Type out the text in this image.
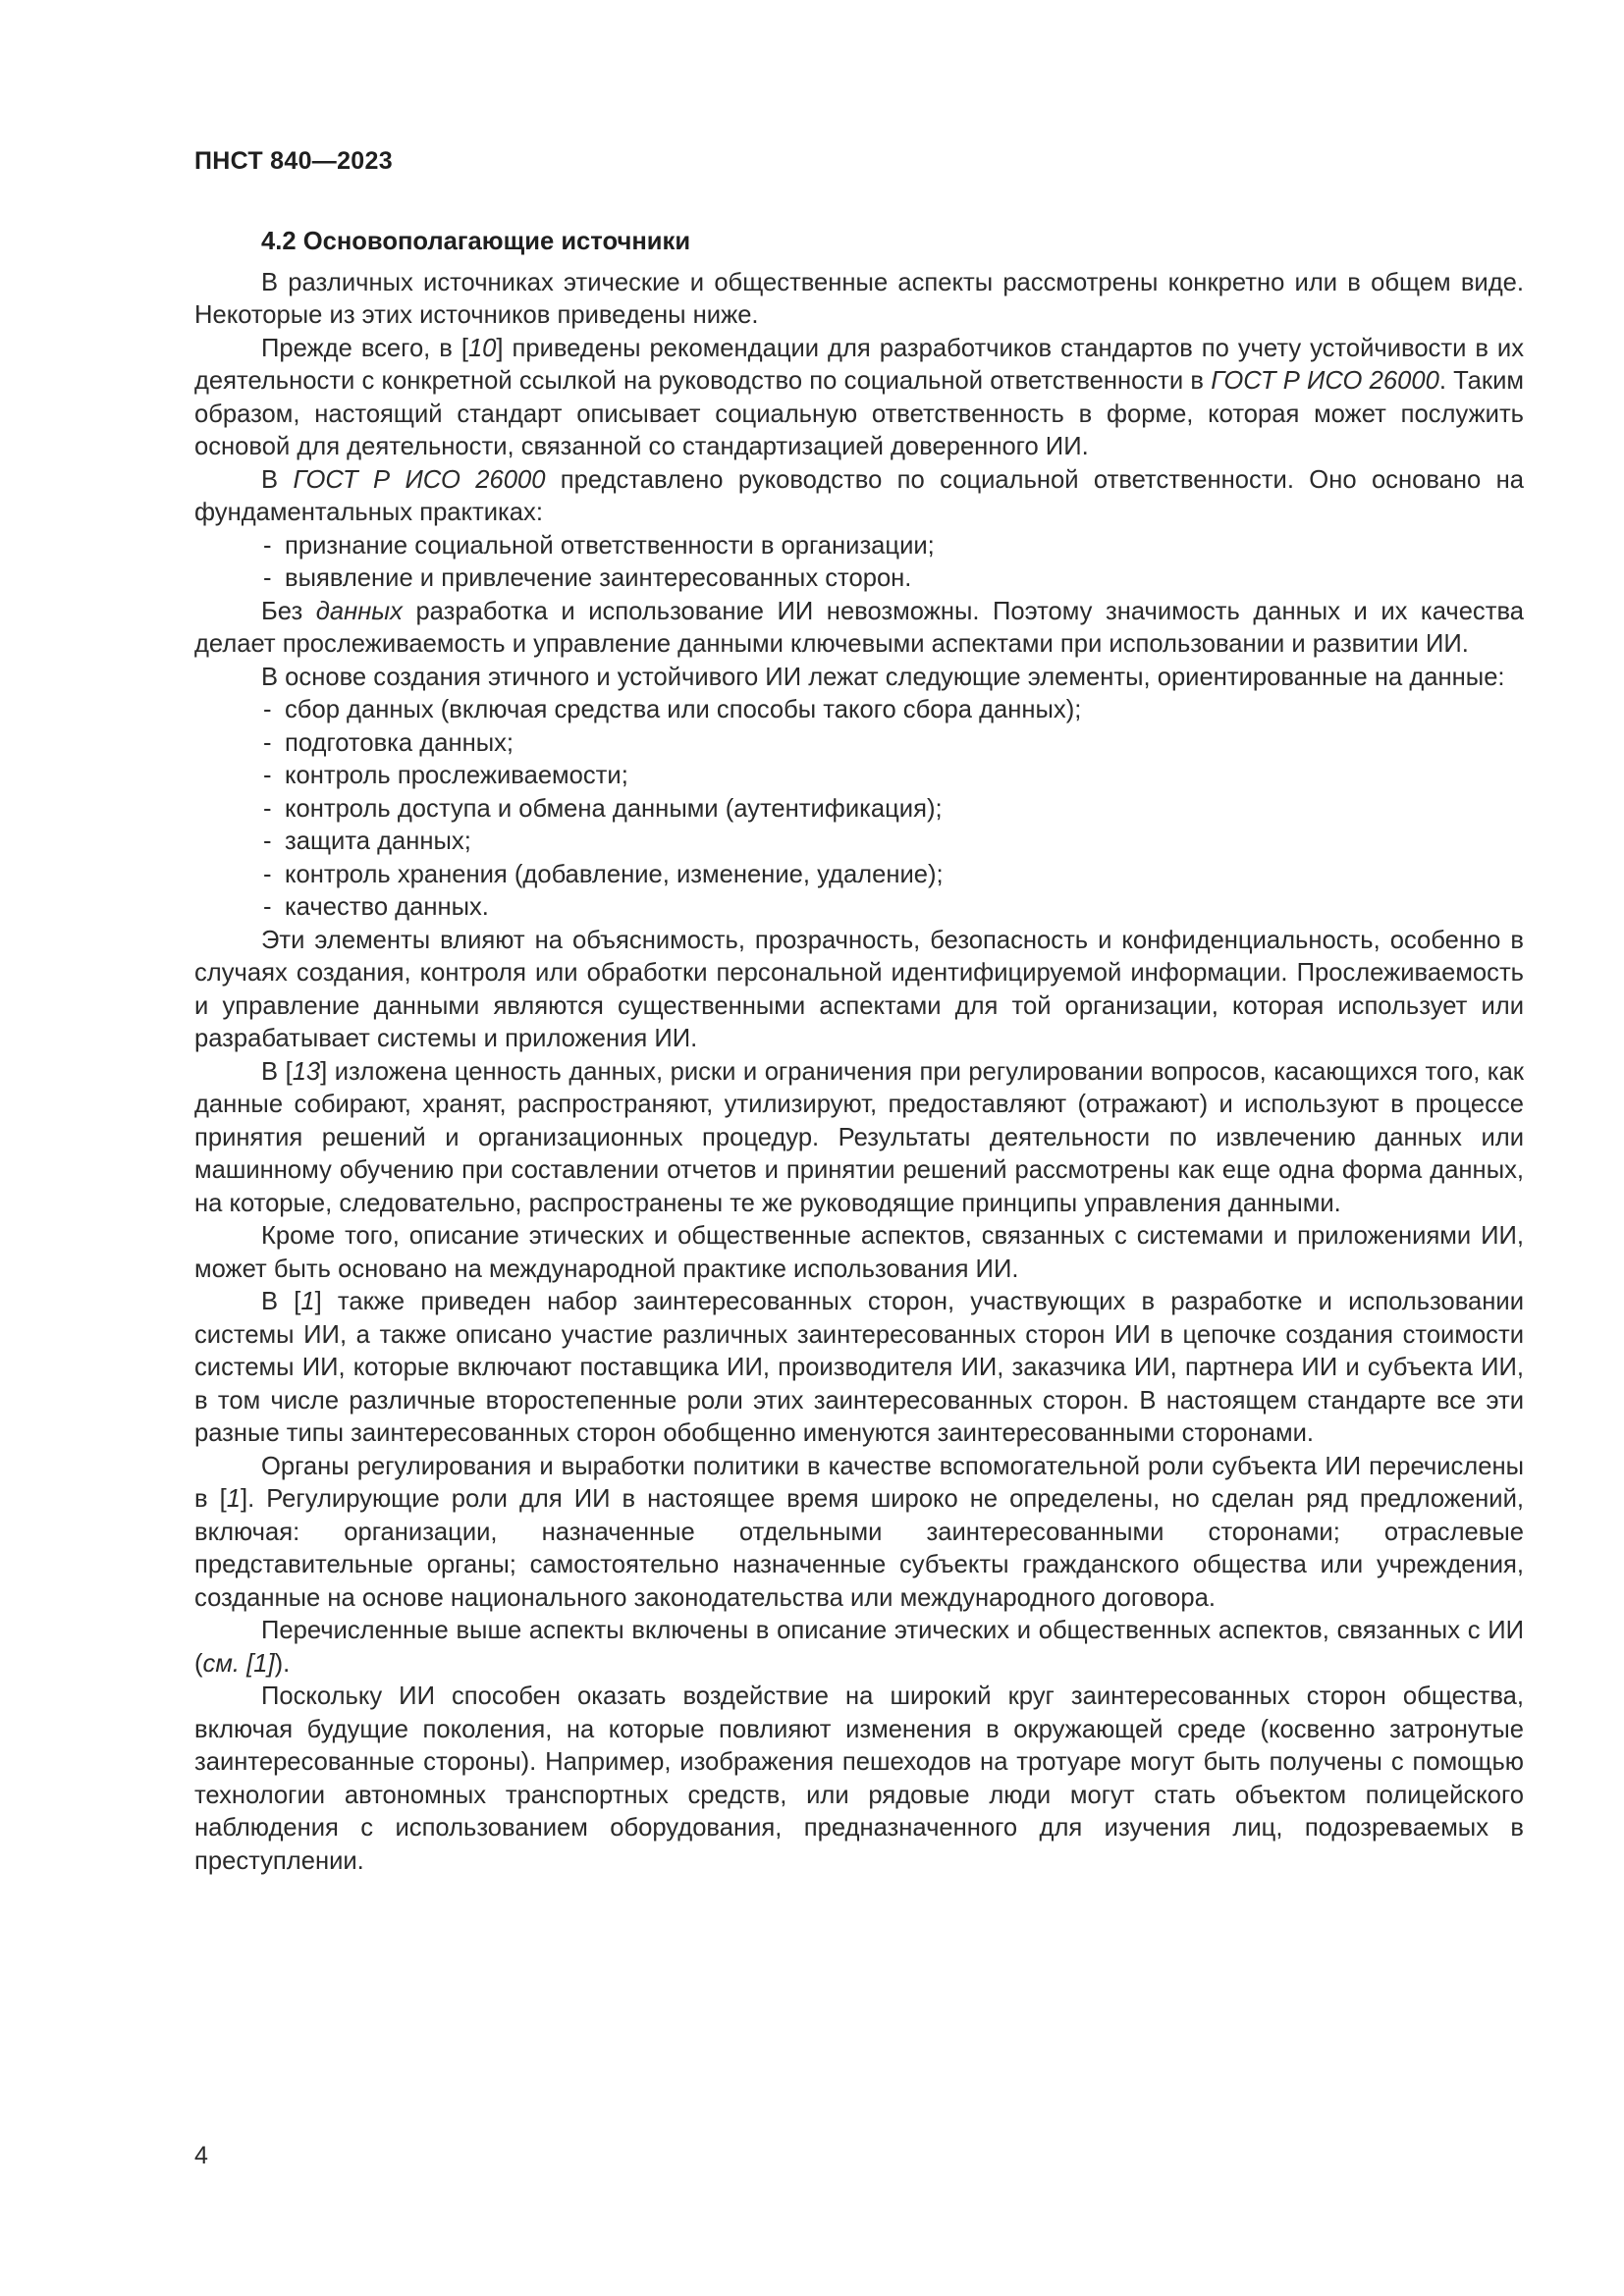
ПНСТ 840—2023
4.2 Основополагающие источники

В различных источниках этические и общественные аспекты рассмотрены конкретно или в общем виде. Некоторые из этих источников приведены ниже.

Прежде всего, в [10] приведены рекомендации для разработчиков стандартов по учету устойчивости в их деятельности с конкретной ссылкой на руководство по социальной ответственности в ГОСТ Р ИСО 26000. Таким образом, настоящий стандарт описывает социальную ответственность в форме, которая может послужить основой для деятельности, связанной со стандартизацией доверенного ИИ.

В ГОСТ Р ИСО 26000 представлено руководство по социальной ответственности. Оно основано на фундаментальных практиках:

- признание социальной ответственности в организации;
- выявление и привлечение заинтересованных сторон.

Без данных разработка и использование ИИ невозможны. Поэтому значимость данных и их качества делает прослеживаемость и управление данными ключевыми аспектами при использовании и развитии ИИ.

В основе создания этичного и устойчивого ИИ лежат следующие элементы, ориентированные на данные:

- сбор данных (включая средства или способы такого сбора данных);
- подготовка данных;
- контроль прослеживаемости;
- контроль доступа и обмена данными (аутентификация);
- защита данных;
- контроль хранения (добавление, изменение, удаление);
- качество данных.

Эти элементы влияют на объяснимость, прозрачность, безопасность и конфиденциальность, особенно в случаях создания, контроля или обработки персональной идентифицируемой информации. Прослеживаемость и управление данными являются существенными аспектами для той организации, которая использует или разрабатывает системы и приложения ИИ.

В [13] изложена ценность данных, риски и ограничения при регулировании вопросов, касающихся того, как данные собирают, хранят, распространяют, утилизируют, предоставляют (отражают) и используют в процессе принятия решений и организационных процедур. Результаты деятельности по извлечению данных или машинному обучению при составлении отчетов и принятии решений рассмотрены как еще одна форма данных, на которые, следовательно, распространены те же руководящие принципы управления данными.

Кроме того, описание этических и общественные аспектов, связанных с системами и приложениями ИИ, может быть основано на международной практике использования ИИ.

В [1] также приведен набор заинтересованных сторон, участвующих в разработке и использовании системы ИИ, а также описано участие различных заинтересованных сторон ИИ в цепочке создания стоимости системы ИИ, которые включают поставщика ИИ, производителя ИИ, заказчика ИИ, партнера ИИ и субъекта ИИ, в том числе различные второстепенные роли этих заинтересованных сторон. В настоящем стандарте все эти разные типы заинтересованных сторон обобщенно именуются заинтересованными сторонами.

Органы регулирования и выработки политики в качестве вспомогательной роли субъекта ИИ перечислены в [1]. Регулирующие роли для ИИ в настоящее время широко не определены, но сделан ряд предложений, включая: организации, назначенные отдельными заинтересованными сторонами; отраслевые представительные органы; самостоятельно назначенные субъекты гражданского общества или учреждения, созданные на основе национального законодательства или международного договора.

Перечисленные выше аспекты включены в описание этических и общественных аспектов, связанных с ИИ (см. [1]).

Поскольку ИИ способен оказать воздействие на широкий круг заинтересованных сторон общества, включая будущие поколения, на которые повлияют изменения в окружающей среде (косвенно затронутые заинтересованные стороны). Например, изображения пешеходов на тротуаре могут быть получены с помощью технологии автономных транспортных средств, или рядовые люди могут стать объектом полицейского наблюдения с использованием оборудования, предназначенного для изучения лиц, подозреваемых в преступлении.

4
